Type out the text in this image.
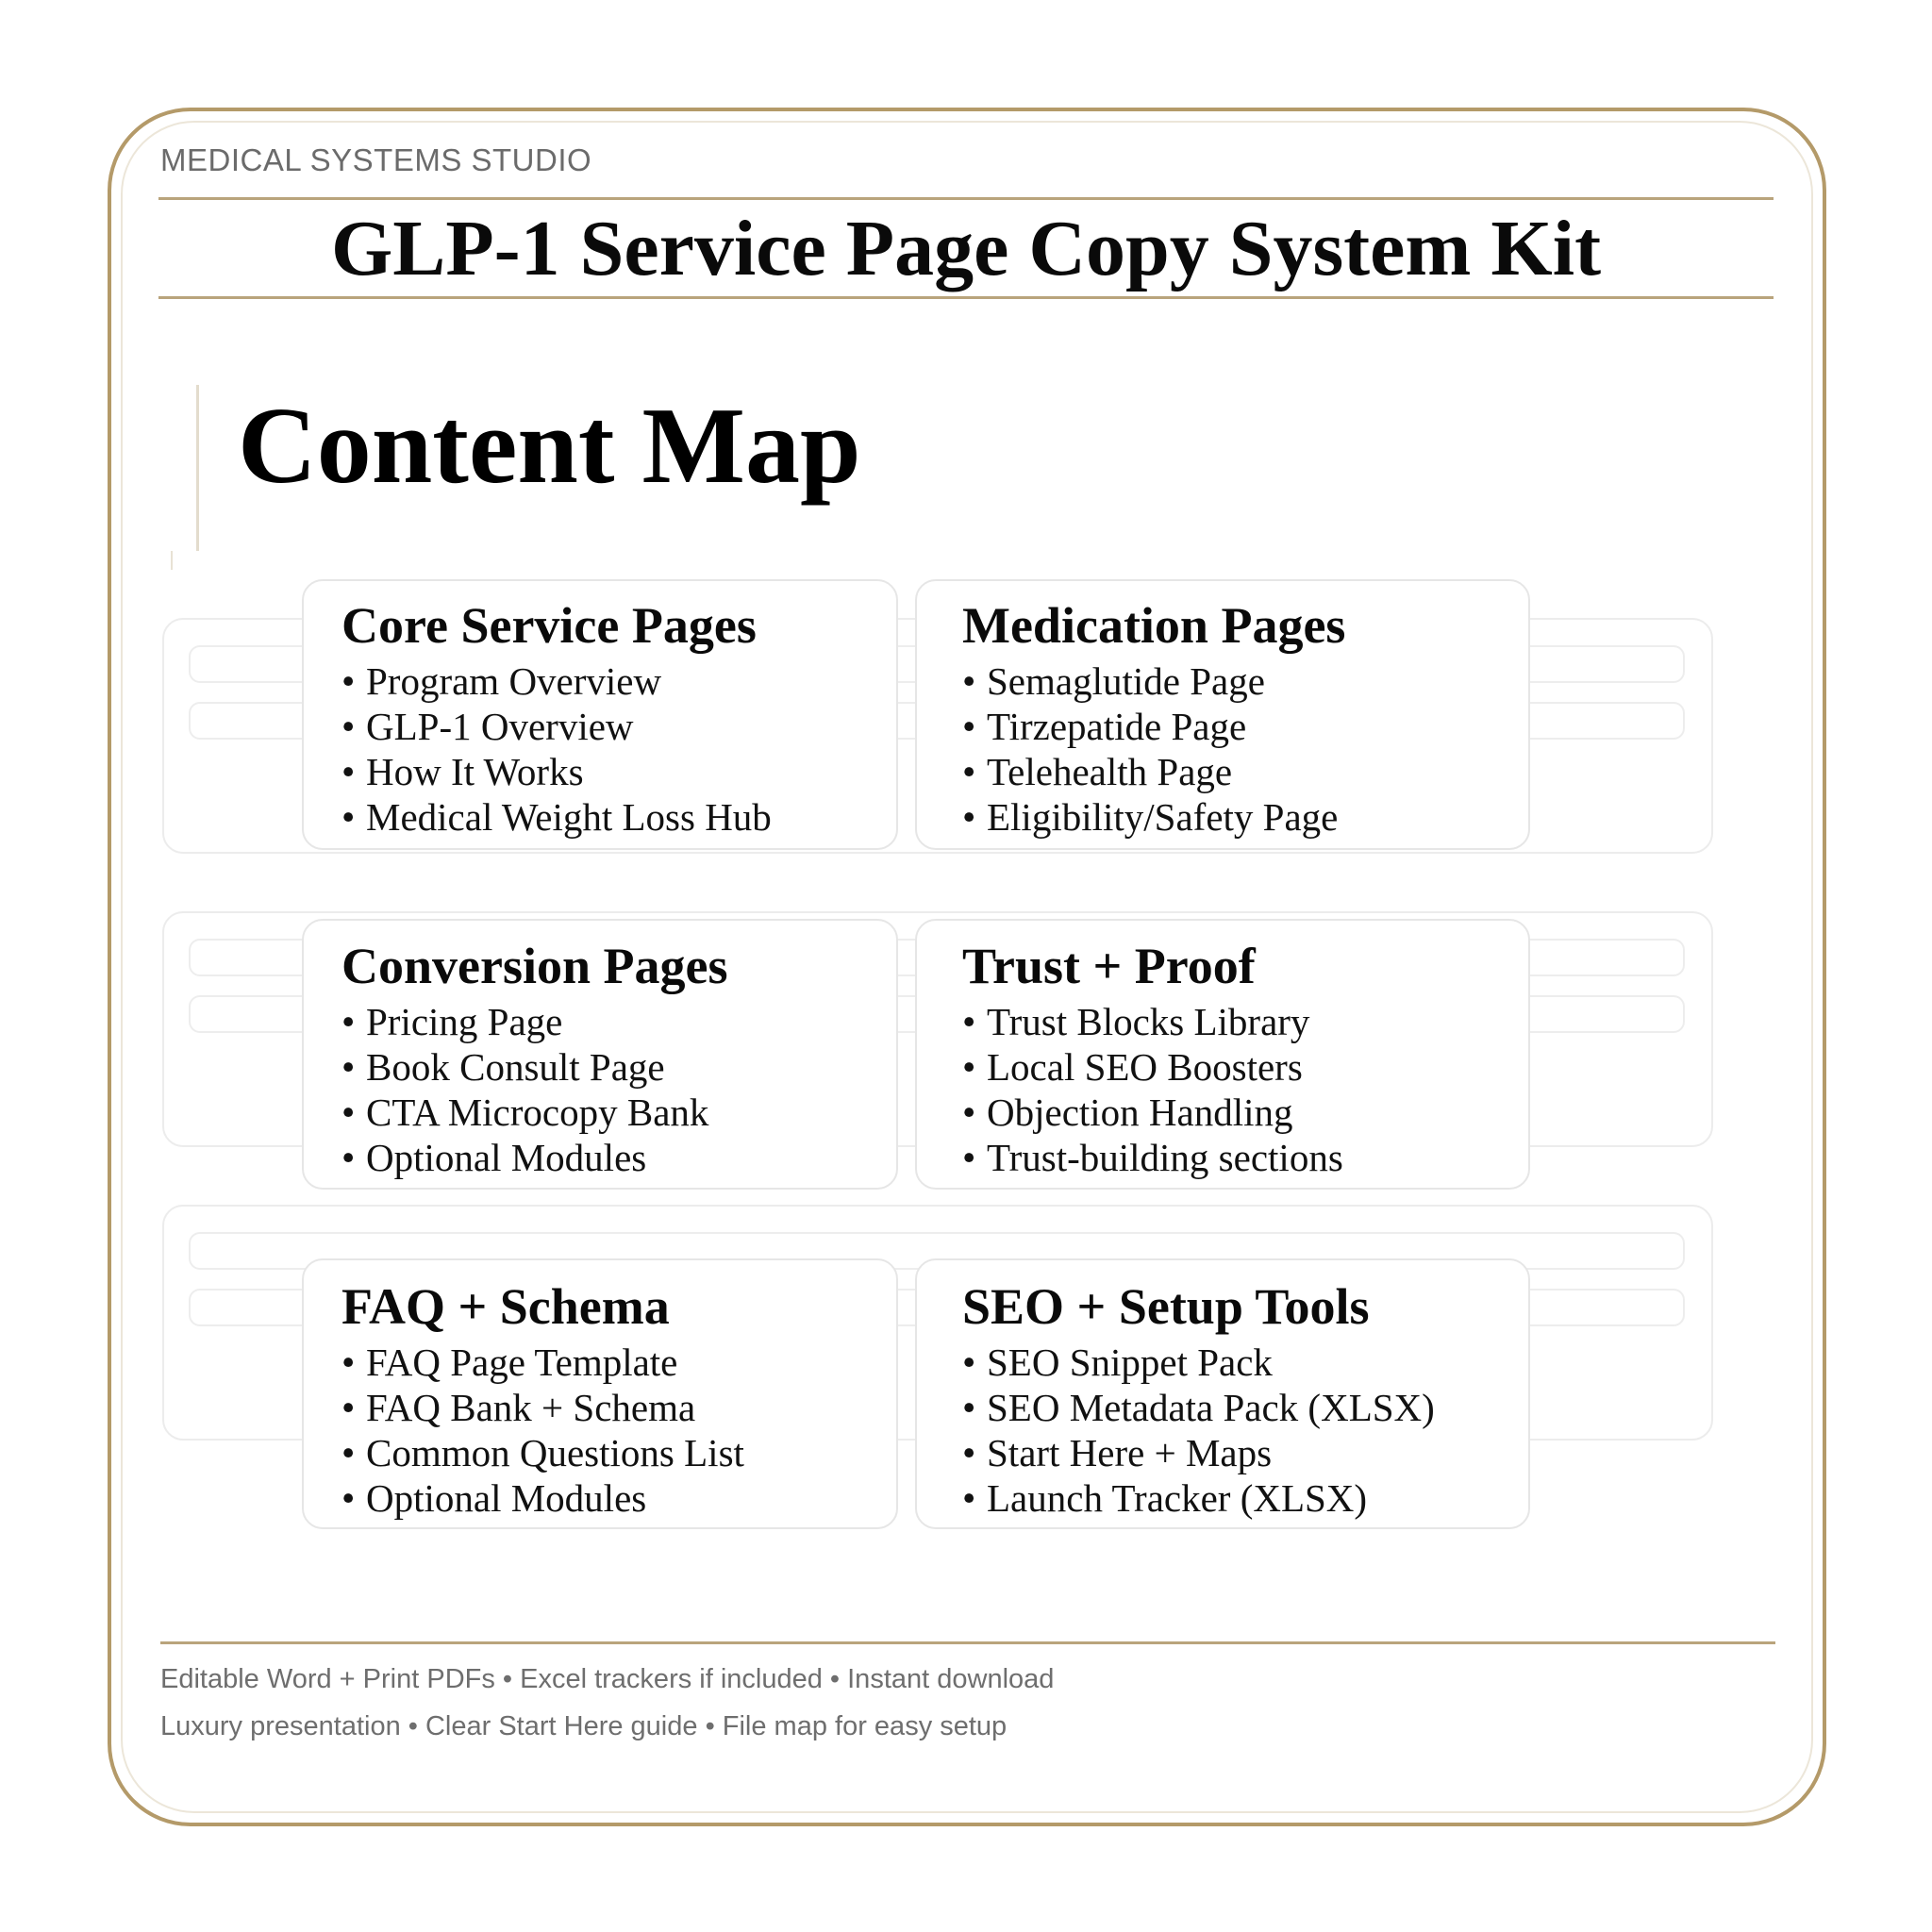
MEDICAL SYSTEMS STUDIO
GLP-1 Service Page Copy System Kit
Content Map
Core Service Pages
• Program Overview
• GLP-1 Overview
• How It Works
• Medical Weight Loss Hub
Medication Pages
• Semaglutide Page
• Tirzepatide Page
• Telehealth Page
• Eligibility/Safety Page
Conversion Pages
• Pricing Page
• Book Consult Page
• CTA Microcopy Bank
• Optional Modules
Trust + Proof
• Trust Blocks Library
• Local SEO Boosters
• Objection Handling
• Trust-building sections
FAQ + Schema
• FAQ Page Template
• FAQ Bank + Schema
• Common Questions List
• Optional Modules
SEO + Setup Tools
• SEO Snippet Pack
• SEO Metadata Pack (XLSX)
• Start Here + Maps
• Launch Tracker (XLSX)
Editable Word + Print PDFs • Excel trackers if included • Instant download
Luxury presentation • Clear Start Here guide • File map for easy setup
